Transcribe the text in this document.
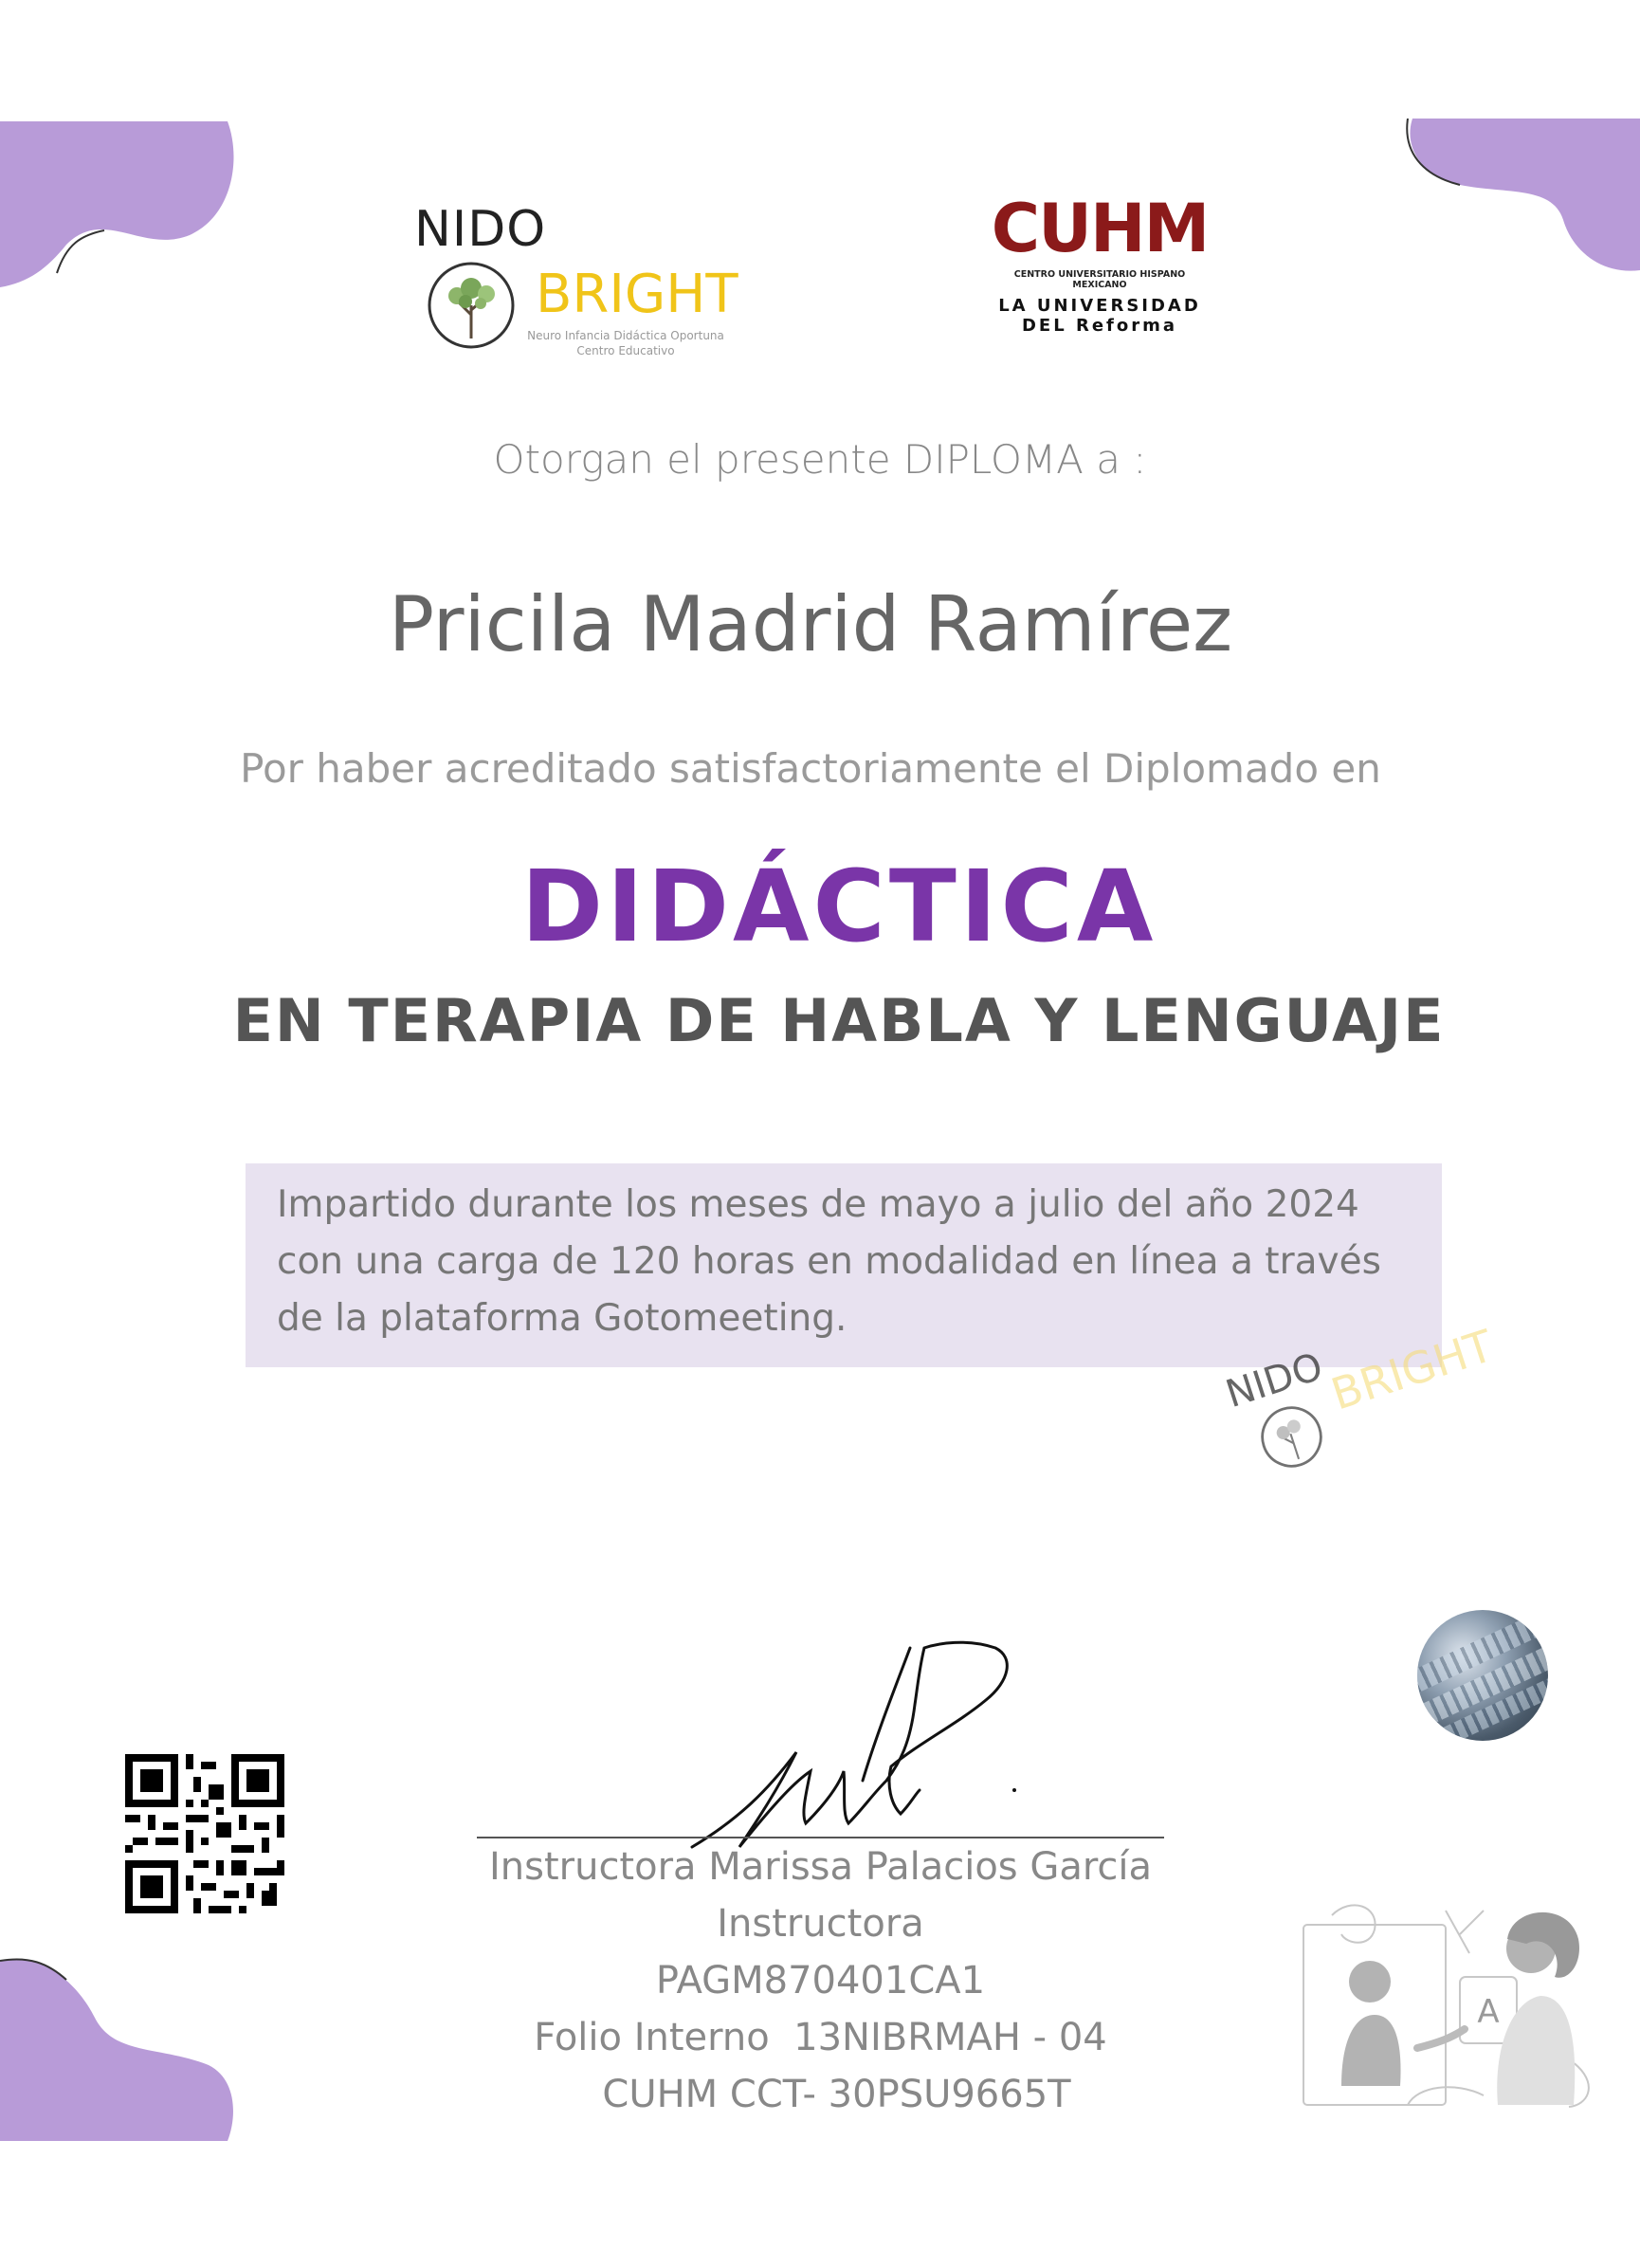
NIDO
BRIGHT
Neuro Infancia Didáctica Oportuna
Centro Educativo
CUHM
CENTRO UNIVERSITARIO HISPANO MEXICANO
LA UNIVERSIDAD DEL Reforma
Otorgan el presente DIPLOMA a :
Pricila Madrid Ramírez
Por haber acreditado satisfactoriamente el Diplomado en
DIDÁCTICA
EN TERAPIA DE HABLA Y LENGUAJE
Impartido durante los meses de mayo a julio del año 2024
con una carga de 120 horas en modalidad en línea a través
de la plataforma Gotomeeting.
NIDO
BRIGHT
Instructora Marissa Palacios García
Instructora
PAGM870401CA1
Folio Interno  13NIBRMAH - 04
CUHM CCT- 30PSU9665T
A
